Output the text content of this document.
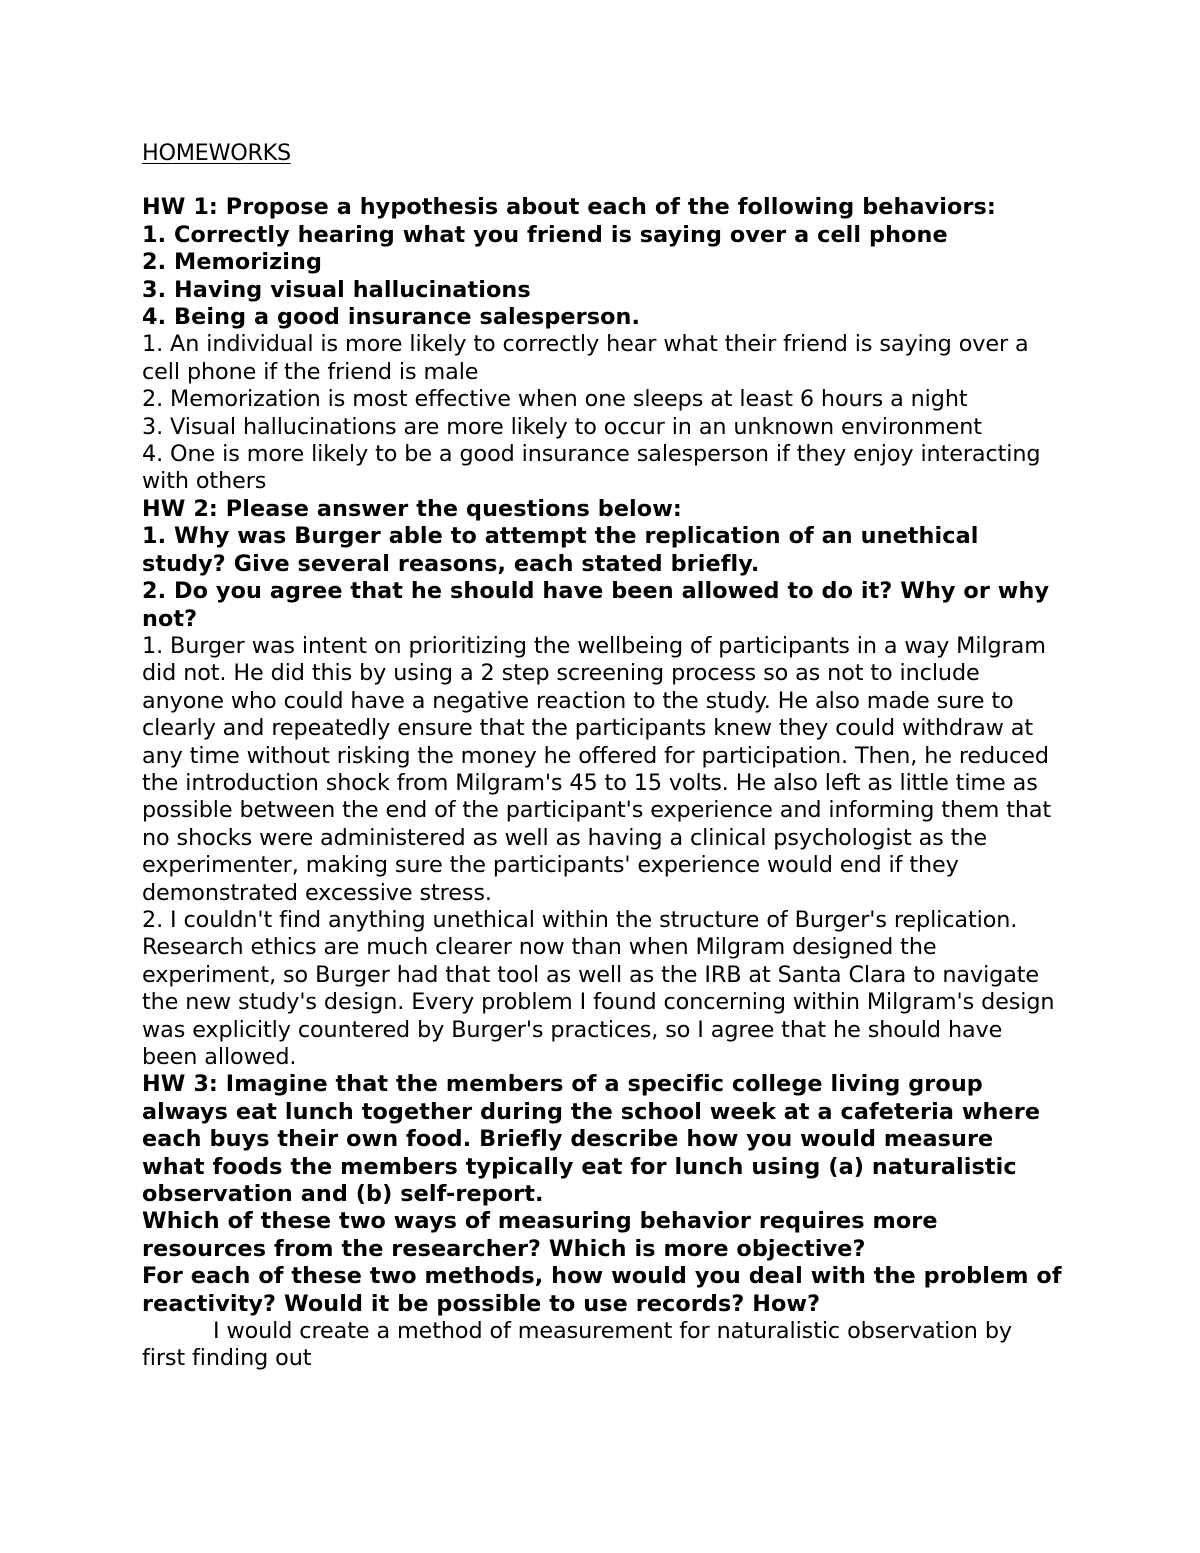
HOMEWORKS

HW 1: Propose a hypothesis about each of the following behaviors:

1. Correctly hearing what you friend is saying over a cell phone

2. Memorizing

3. Having visual hallucinations

4. Being a good insurance salesperson.

1. An individual is more likely to correctly hear what their friend is saying over a cell phone if the friend is male

2. Memorization is most effective when one sleeps at least 6 hours a night

3. Visual hallucinations are more likely to occur in an unknown environment

4. One is more likely to be a good insurance salesperson if they enjoy interacting with others

HW 2: Please answer the questions below:

1. Why was Burger able to attempt the replication of an unethical study? Give several reasons, each stated briefly.

2. Do you agree that he should have been allowed to do it? Why or why not?

1. Burger was intent on prioritizing the wellbeing of participants in a way Milgram did not. He did this by using a 2 step screening process so as not to include anyone who could have a negative reaction to the study. He also made sure to clearly and repeatedly ensure that the participants knew they could withdraw at any time without risking the money he offered for participation. Then, he reduced the introduction shock from Milgram's 45 to 15 volts. He also left as little time as possible between the end of the participant's experience and informing them that no shocks were administered as well as having a clinical psychologist as the experimenter, making sure the participants' experience would end if they demonstrated excessive stress.

2. I couldn't find anything unethical within the structure of Burger's replication. Research ethics are much clearer now than when Milgram designed the experiment, so Burger had that tool as well as the IRB at Santa Clara to navigate the new study's design. Every problem I found concerning within Milgram's design was explicitly countered by Burger's practices, so I agree that he should have been allowed.

HW 3: Imagine that the members of a specific college living group always eat lunch together during the school week at a cafeteria where each buys their own food. Briefly describe how you would measure what foods the members typically eat for lunch using (a) naturalistic observation and (b) self-report.

Which of these two ways of measuring behavior requires more resources from the researcher? Which is more objective?

For each of these two methods, how would you deal with the problem of reactivity? Would it be possible to use records? How?

I would create a method of measurement for naturalistic observation by first finding out
